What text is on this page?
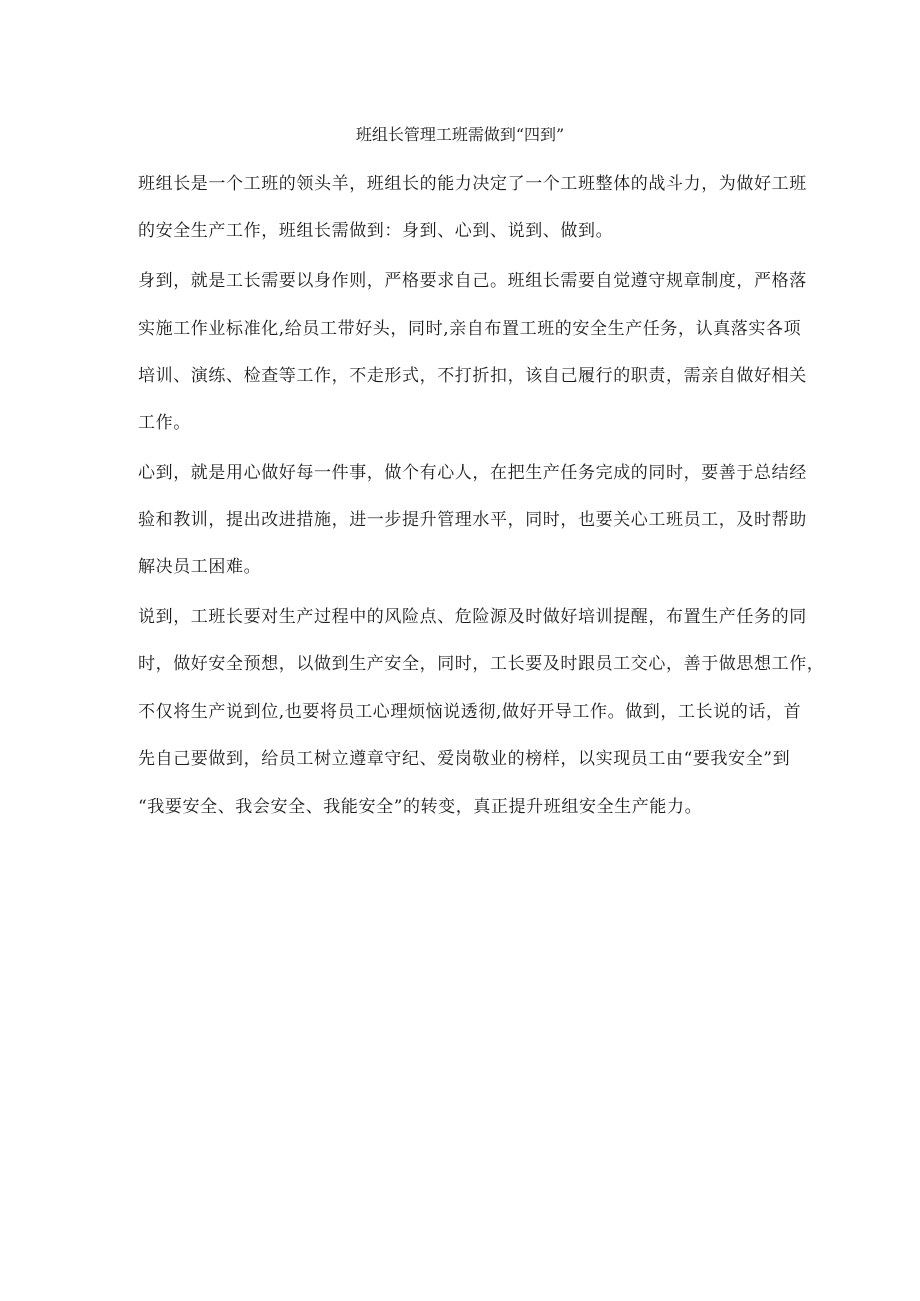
班组长管理工班需做到“四到”
班组长是一个工班的领头羊，班组长的能力决定了一个工班整体的战斗力，为做好工班
的安全生产工作，班组长需做到：身到、心到、说到、做到。
身到，就是工长需要以身作则，严格要求自己。班组长需要自觉遵守规章制度，严格落
实施工作业标准化,给员工带好头，同时,亲自布置工班的安全生产任务，认真落实各项
培训、演练、检查等工作，不走形式，不打折扣，该自己履行的职责，需亲自做好相关
工作。
心到，就是用心做好每一件事，做个有心人，在把生产任务完成的同时，要善于总结经
验和教训，提出改进措施，进一步提升管理水平，同时，也要关心工班员工，及时帮助
解决员工困难。
说到，工班长要对生产过程中的风险点、危险源及时做好培训提醒，布置生产任务的同
时，做好安全预想，以做到生产安全，同时，工长要及时跟员工交心，善于做思想工作，
不仅将生产说到位,也要将员工心理烦恼说透彻,做好开导工作。做到，工长说的话，首
先自己要做到，给员工树立遵章守纪、爱岗敬业的榜样，以实现员工由“要我安全”到
“我要安全、我会安全、我能安全”的转变，真正提升班组安全生产能力。
